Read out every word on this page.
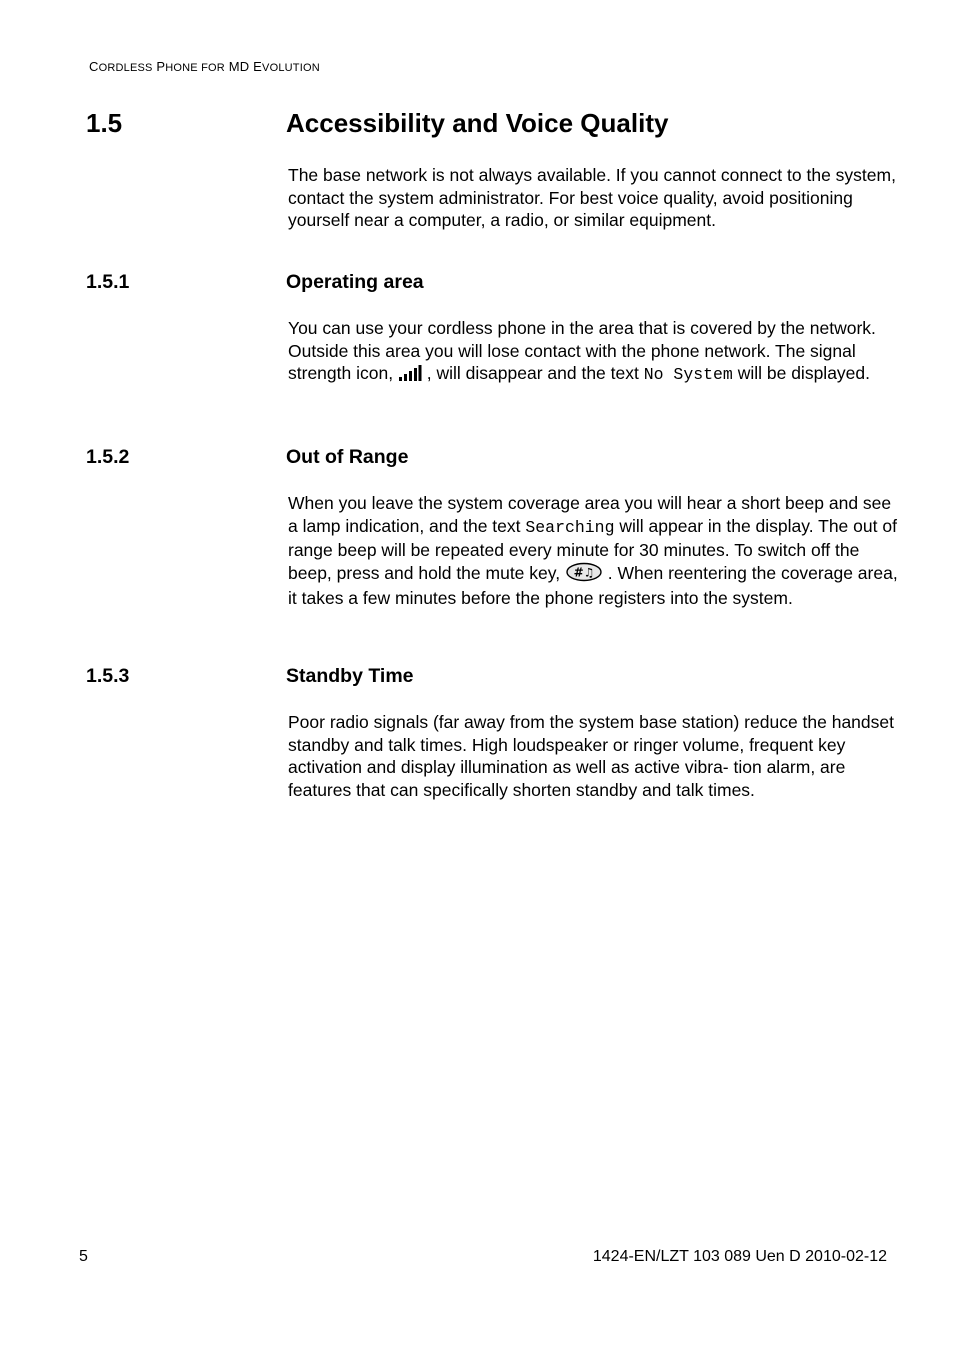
CORDLESS PHONE FOR MD EVOLUTION
1.5	Accessibility and Voice Quality
The base network is not always available. If you cannot connect to the system, contact the system administrator. For best voice quality, avoid positioning yourself near a computer, a radio, or similar equipment.
1.5.1	Operating area
You can use your cordless phone in the area that is covered by the network. Outside this area you will lose contact with the phone network. The signal strength icon,  , will disappear and the text No System will be displayed.
1.5.2	Out of Range
When you leave the system coverage area you will hear a short beep and see a lamp indication, and the text Searching will appear in the display. The out of range beep will be repeated every minute for 30 minutes. To switch off the beep, press and hold the mute key, #♫ . When reentering the coverage area, it takes a few minutes before the phone registers into the system.
1.5.3	Standby Time
Poor radio signals (far away from the system base station) reduce the handset standby and talk times. High loudspeaker or ringer volume, frequent key activation and display illumination as well as active vibra- tion alarm, are features that can specifically shorten standby and talk times.
5	1424-EN/LZT 103 089 Uen D 2010-02-12
